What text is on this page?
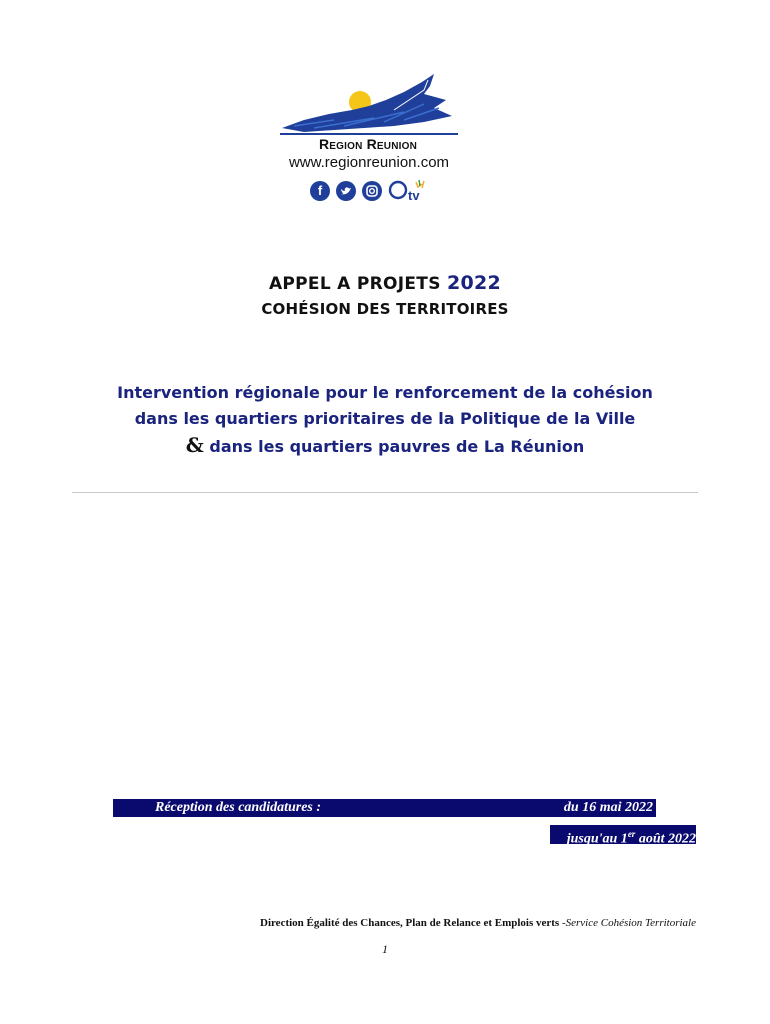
Region Reunion
www.regionreunion.com
f	tv
APPEL A PROJETS 2022
COHÉSION DES TERRITOIRES
Intervention régionale pour le renforcement de la cohésion
dans les quartiers prioritaires de la Politique de la Ville
& dans les quartiers pauvres de La Réunion
Réception des candidatures :	du 16 mai 2022
jusqu'au 1er août 2022
Direction Égalité des Chances, Plan de Relance et Emplois verts -Service Cohésion Territoriale
1
